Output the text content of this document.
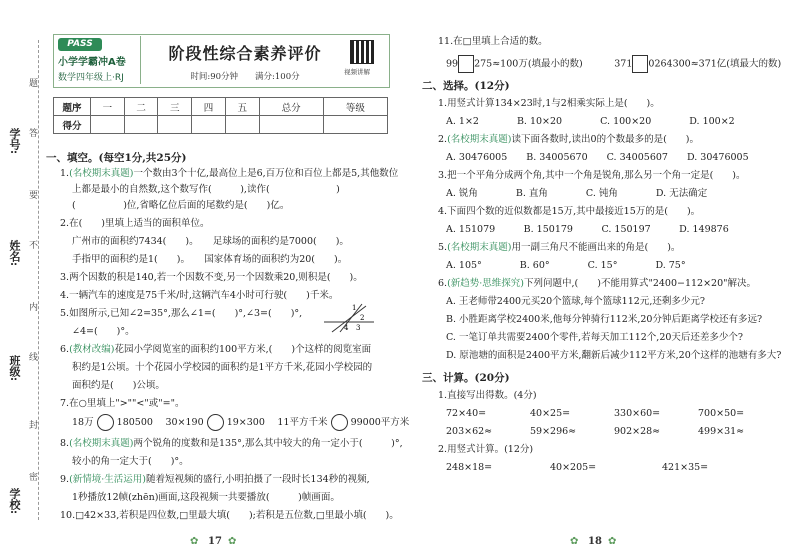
题
答
要
不
内
线
封
密
学号:
姓名:
班级:
学校:
PASS
小学学霸冲A卷
数学四年级上·RJ
阶段性综合素养评价
时间:90分钟　　满分:100分	视频讲解
题序	一	二	三	四	五	总分	等级
得分							
一、填空。(每空1分,共25分)
1.(名校期末真题)一个数由3个十亿,最高位上是6,百万位和百位上都是5,其他数位
上都是最小的自然数,这个数写作(　　　),读作(　　　　　　　)
(　　　　　)位,省略亿位后面的尾数约是(　　)亿。
2.在(　　)里填上适当的面积单位。
广州市的面积约7434(　　)。　　足球场的面积约是7000(　　)。
手指甲的面积约是1(　　)。　　国家体育场的面积约为20(　　)。
3.两个因数的积是140,若一个因数不变,另一个因数乘20,则积是(　　)。
4.一辆汽车的速度是75千米/时,这辆汽车4小时可行驶(　　)千米。
5.如图所示,已知∠2=35°,那么∠1=(　　)°,∠3=(　　)°,
∠4=(　　)°。
1
2
3
4
6.(教材改编)花园小学阅览室的面积约100平方米,(　　)个这样的阅览室面
积约是1公顷。十个花园小学校园的面积约是1平方千米,花园小学校园的
面积约是(　　)公顷。
7.在○里填上">""<"或"="。
18万 180500　 30×190 19×300　 11平方千米 99000平方米
8.(名校期末真题)两个锐角的度数和是135°,那么其中较大的角一定小于(　　　)°,
较小的角一定大于(　　)°。
9.(新情境·生活运用)随着短视频的盛行,小明拍摄了一段时长134秒的视频,
1秒播放12帧(zhēn)画面,这段视频一共要播放(　　　)帧画面。
10.□42×33,若积是四位数,□里最大填(　　);若积是五位数,□里最小填(　　)。
✿ 17 ✿
11.在□里填上合适的数。
99 275≈100万(填最小的数)　　　	371 0264300≈371亿(填最大的数)
二、选择。(12分)
1.用竖式计算134×23时,1与2相乘实际上是(　　)。
A. 1×2　　　　B. 10×20　　　　C. 100×20　　　　D. 100×2
2.(名校期末真题)读下面各数时,读出0的个数最多的是(　　)。
A. 30476005　　B. 34005670　　C. 34005607　　D. 30476005
3.把一个平角分成两个角,其中一个角是锐角,那么另一个角一定是(　　)。
A. 锐角　　　　B. 直角　　　　C. 钝角　　　　D. 无法确定
4.下面四个数的近似数都是15万,其中最接近15万的是(　　)。
A. 151079　　　B. 150179　　　C. 150197　　　D. 149876
5.(名校期末真题)用一副三角尺不能画出来的角是(　　)。
A. 105°　　　　B. 60°　　　　C. 15°　　　　D. 75°
6.(新趋势·思维探究)下列问题中,(　　)不能用算式"2400−112×20"解决。
A. 王老师带2400元买20个篮球,每个篮球112元,还剩多少元?
B. 小胜距离学校2400米,他每分钟骑行112米,20分钟后距离学校还有多远?
C. 一笔订单共需要2400个零件,若每天加工112个,20天后还差多少个?
D. 原池塘的面积是2400平方米,翻新后减少112平方米,20个这样的池塘有多大?
三、计算。(20分)
1.直接写出得数。(4分)
72×40=	40×25=	330×60=	700×50=
203×62≈	59×296≈	902×28≈	499×31≈
2.用竖式计算。(12分)
248×18=	40×205=	421×35=
✿ 18 ✿
